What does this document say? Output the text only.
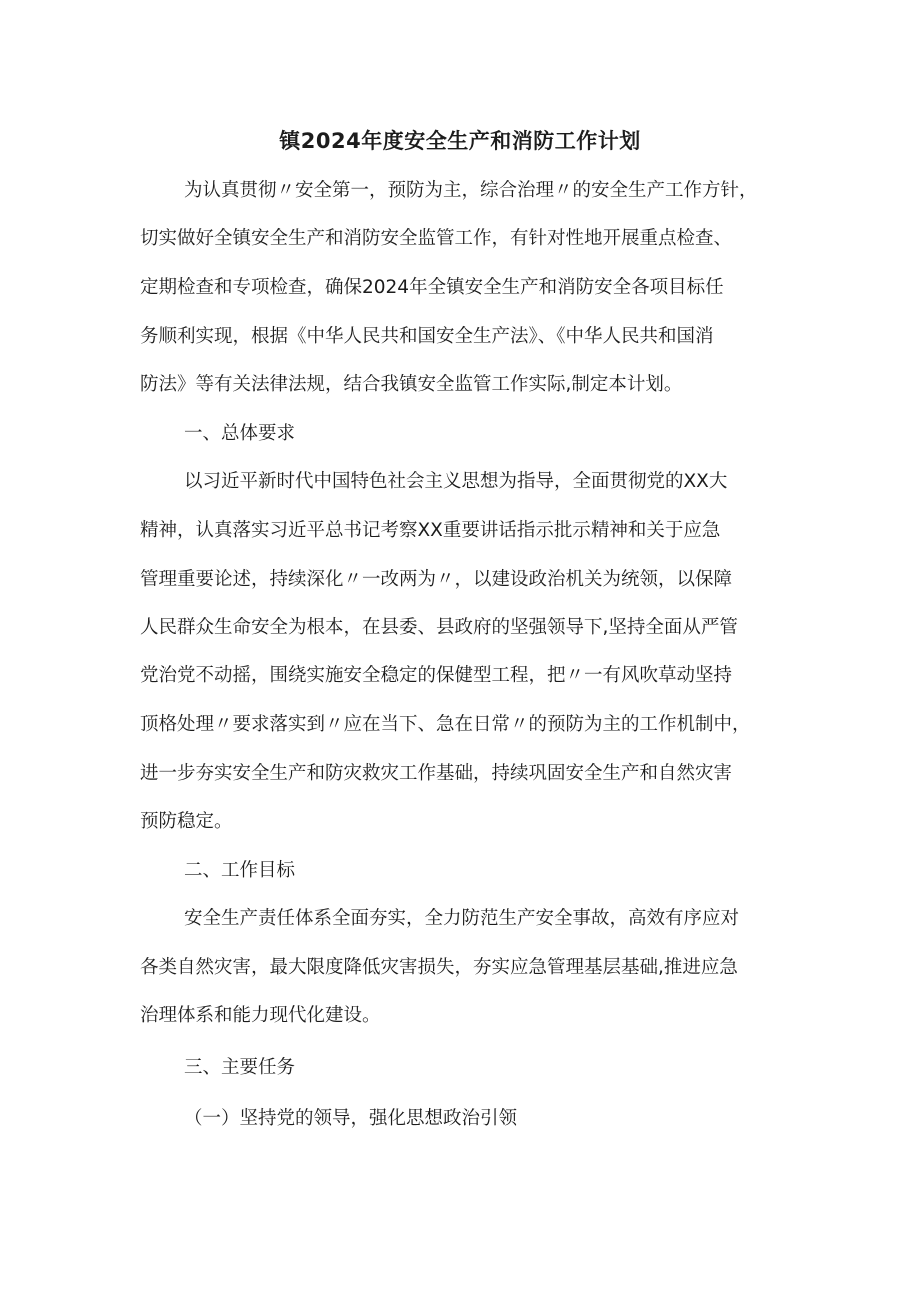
镇2024年度安全生产和消防工作计划
为认真贯彻〃安全第一，预防为主，综合治理〃的安全生产工作方针，
切实做好全镇安全生产和消防安全监管工作，有针对性地开展重点检查、
定期检查和专项检查，确保2024年全镇安全生产和消防安全各项目标任
务顺利实现，根据《中华人民共和国安全生产法》、《中华人民共和国消
防法》等有关法律法规，结合我镇安全监管工作实际,制定本计划。
一、总体要求
以习近平新时代中国特色社会主义思想为指导，全面贯彻党的XX大
精神，认真落实习近平总书记考察XX重要讲话指示批示精神和关于应急
管理重要论述，持续深化〃一改两为〃，以建设政治机关为统领，以保障
人民群众生命安全为根本，在县委、县政府的坚强领导下,坚持全面从严管
党治党不动摇，围绕实施安全稳定的保健型工程，把〃一有风吹草动坚持
顶格处理〃要求落实到〃应在当下、急在日常〃的预防为主的工作机制中，
进一步夯实安全生产和防灾救灾工作基础，持续巩固安全生产和自然灾害
预防稳定。
二、工作目标
安全生产责任体系全面夯实，全力防范生产安全事故，高效有序应对
各类自然灾害，最大限度降低灾害损失，夯实应急管理基层基础,推进应急
治理体系和能力现代化建设。
三、主要任务
（一）坚持党的领导，强化思想政治引领
